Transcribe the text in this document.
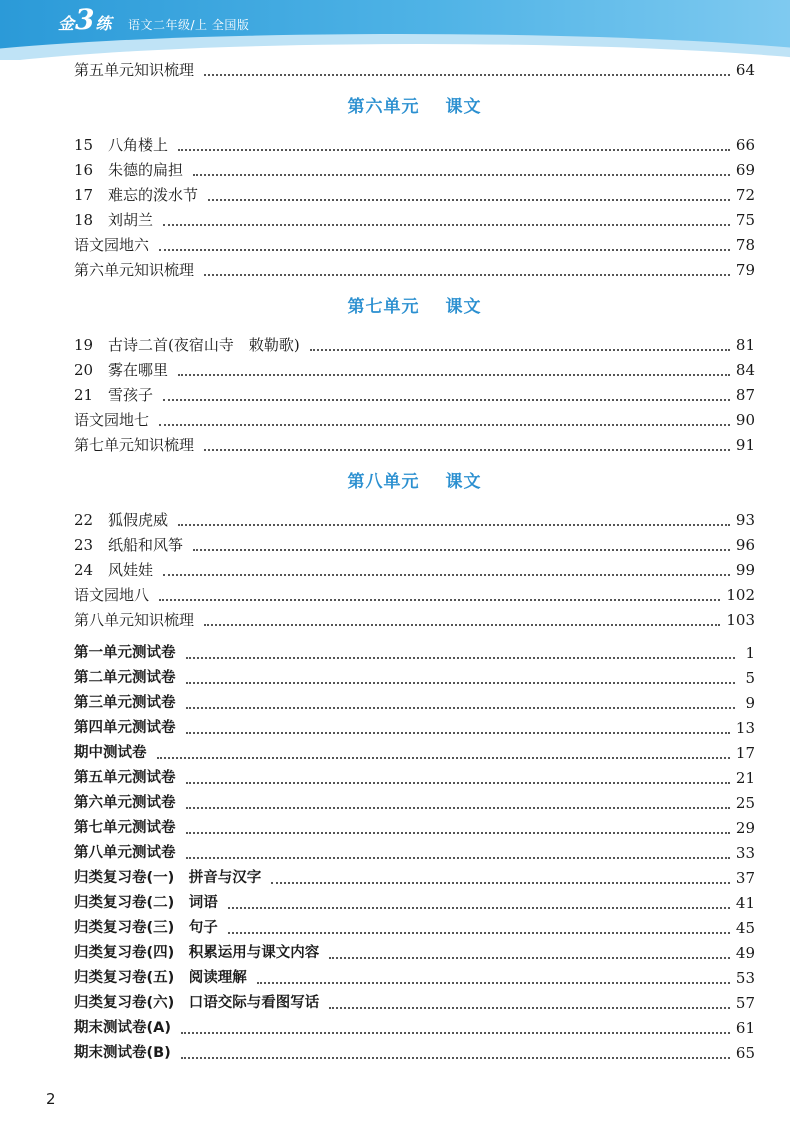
金3练 语文二年级/上 全国版
第五单元知识梳理	64
第六单元 课文
15 八角楼上	66
16 朱德的扁担	69
17 难忘的泼水节	72
18 刘胡兰	75
语文园地六	78
第六单元知识梳理	79
第七单元 课文
19 古诗二首(夜宿山寺　敕勒歌)	81
20 雾在哪里	84
21 雪孩子	87
语文园地七	90
第七单元知识梳理	91
第八单元 课文
22 狐假虎威	93
23 纸船和风筝	96
24 风娃娃	99
语文园地八	102
第八单元知识梳理	103
第一单元测试卷	1
第二单元测试卷	5
第三单元测试卷	9
第四单元测试卷	13
期中测试卷	17
第五单元测试卷	21
第六单元测试卷	25
第七单元测试卷	29
第八单元测试卷	33
归类复习卷(一)　拼音与汉字	37
归类复习卷(二)　词语	41
归类复习卷(三)　句子	45
归类复习卷(四)　积累运用与课文内容	49
归类复习卷(五)　阅读理解	53
归类复习卷(六)　口语交际与看图写话	57
期末测试卷(A)	61
期末测试卷(B)	65
2
